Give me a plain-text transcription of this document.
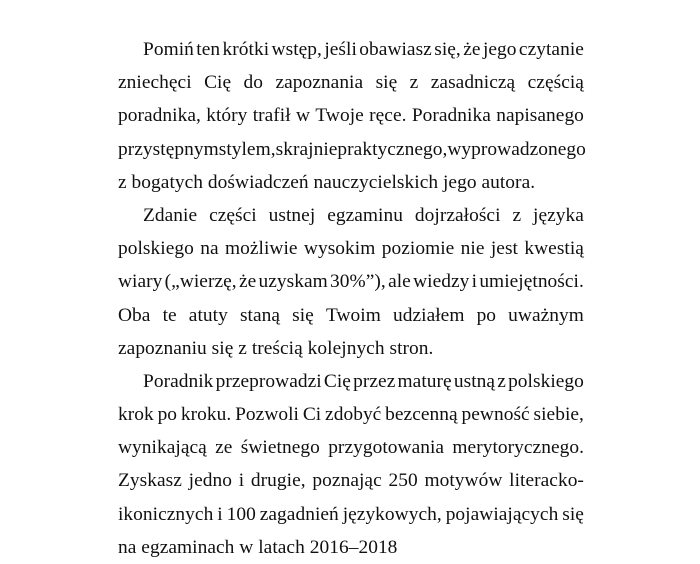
Pomiń ten krótki wstęp, jeśli obawiasz się, że jego czytanie
zniechęci Cię do zapoznania się z zasadniczą częścią
poradnika, który trafił w Twoje ręce. Poradnika napisanego
przystępnym stylem, skrajnie praktycznego, wyprowadzonego
z bogatych doświadczeń nauczycielskich jego autora.

Zdanie części ustnej egzaminu dojrzałości z języka
polskiego na możliwie wysokim poziomie nie jest kwestią
wiary („wierzę, że uzyskam 30%”), ale wiedzy i umiejętności.
Oba te atuty staną się Twoim udziałem po uważnym
zapoznaniu się z treścią kolejnych stron.

Poradnik przeprowadzi Cię przez maturę ustną z polskiego
krok po kroku. Pozwoli Ci zdobyć bezcenną pewność siebie,
wynikającą ze świetnego przygotowania merytorycznego.
Zyskasz jedno i drugie, poznając 250 motywów literacko-
ikonicznych i 100 zagadnień językowych, pojawiających się
na egzaminach w latach 2016–2018
